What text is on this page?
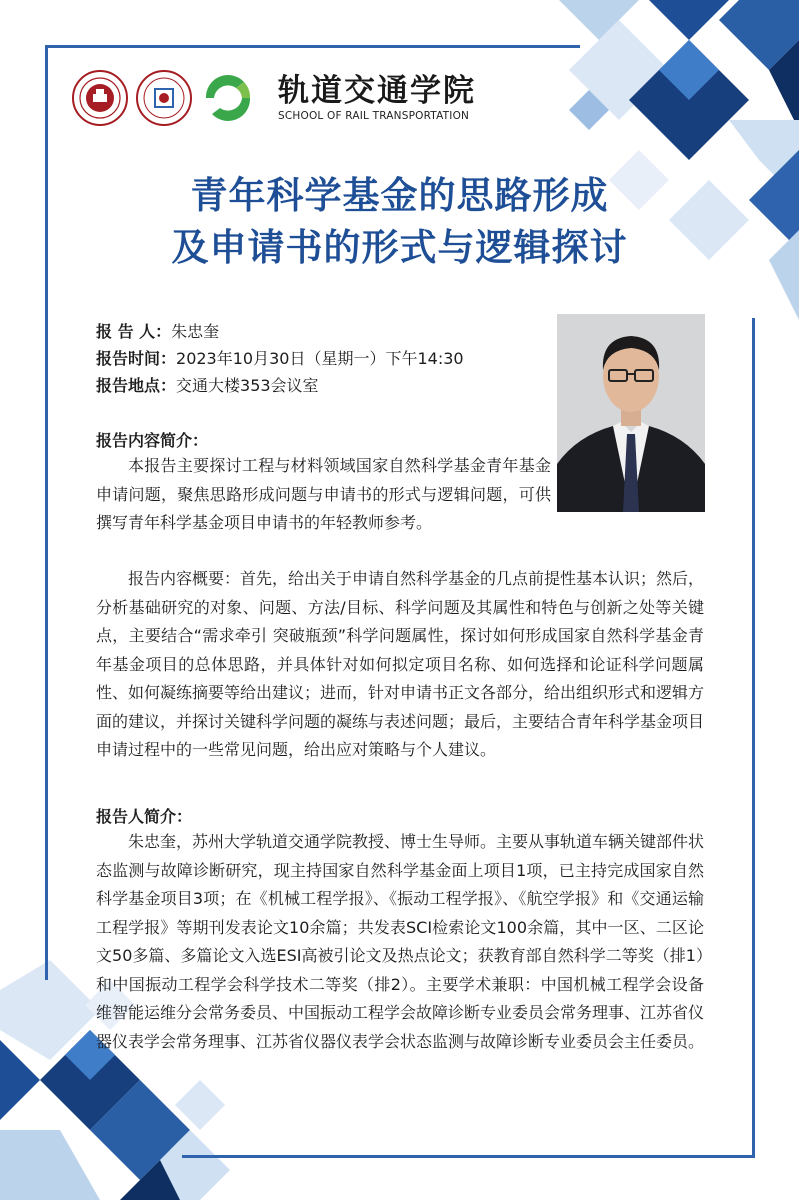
轨道交通学院
SCHOOL OF RAIL TRANSPORTATION
青年科学基金的思路形成
及申请书的形式与逻辑探讨
报 告 人：朱忠奎
报告时间：2023年10月30日（星期一）下午14:30
报告地点：交通大楼353会议室
报告内容简介：

本报告主要探讨工程与材料领域国家自然科学基金青年基金申请问题，聚焦思路形成问题与申请书的形式与逻辑问题，可供撰写青年科学基金项目申请书的年轻教师参考。

报告内容概要：首先，给出关于申请自然科学基金的几点前提性基本认识；然后，分析基础研究的对象、问题、方法/目标、科学问题及其属性和特色与创新之处等关键点，主要结合“需求牵引 突破瓶颈”科学问题属性，探讨如何形成国家自然科学基金青年基金项目的总体思路，并具体针对如何拟定项目名称、如何选择和论证科学问题属性、如何凝练摘要等给出建议；进而，针对申请书正文各部分，给出组织形式和逻辑方面的建议，并探讨关键科学问题的凝练与表述问题；最后，主要结合青年科学基金项目申请过程中的一些常见问题，给出应对策略与个人建议。

报告人简介：

朱忠奎，苏州大学轨道交通学院教授、博士生导师。主要从事轨道车辆关键部件状态监测与故障诊断研究，现主持国家自然科学基金面上项目1项，已主持完成国家自然科学基金项目3项；在《机械工程学报》、《振动工程学报》、《航空学报》和《交通运输工程学报》等期刊发表论文10余篇；共发表SCI检索论文100余篇，其中一区、二区论文50多篇、多篇论文入选ESI高被引论文及热点论文；获教育部自然科学二等奖（排1）和中国振动工程学会科学技术二等奖（排2）。主要学术兼职：中国机械工程学会设备维智能运维分会常务委员、中国振动工程学会故障诊断专业委员会常务理事、江苏省仪器仪表学会常务理事、江苏省仪器仪表学会状态监测与故障诊断专业委员会主任委员。
